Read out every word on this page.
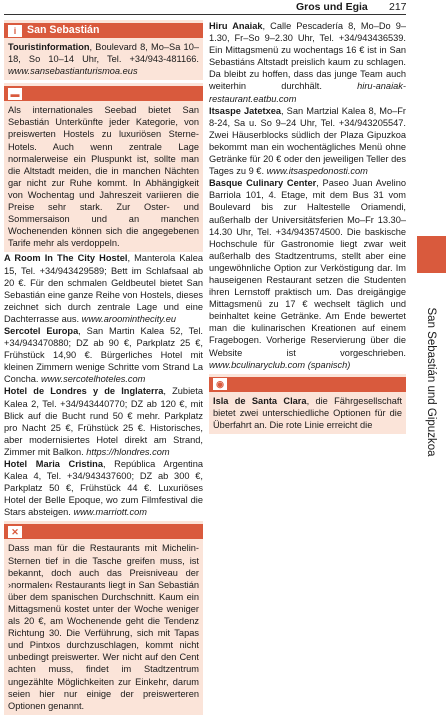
Gros und Egia 217
San Sebastián und Gipuzkoa
i	San Sebastián

Touristinformation, Boulevard 8, Mo–Sa 10–18, So 10–14 Uhr, Tel. +34/943-481166. www.sansebastianturismoa.eus

▬

Als internationales Seebad bietet San Sebastián Unterkünfte jeder Kategorie, von preiswerten Hostels zu luxuriösen Sterne-Hotels. Auch wenn zentrale Lage normalerweise ein Pluspunkt ist, sollte man die Altstadt meiden, die in manchen Nächten gar nicht zur Ruhe kommt. In Abhängigkeit von Wochentag und Jahreszeit variieren die Preise sehr stark. Zur Oster- und Sommersaison und an manchen Wochenenden können sich die angegebenen Tarife mehr als verdoppeln.

A Room In The City Hostel, Manterola Kalea 15, Tel. +34/943429589; Bett im Schlafsaal ab 20 €. Für den schmalen Geldbeutel bietet San Sebastián eine ganze Reihe von Hostels, dieses zeichnet sich durch zentrale Lage und eine Dachterrasse aus. www.aroominthecity.eu

Sercotel Europa, San Martin Kalea 52, Tel. +34/943470880; DZ ab 90 €, Parkplatz 25 €, Frühstück 14,90 €. Bürgerliches Hotel mit kleinen Zimmern wenige Schritte vom Strand La Concha. www.sercotelhoteles.com

Hotel de Londres y de Inglaterra, Zubieta Kalea 2, Tel. +34/943440770; DZ ab 120 €, mit Blick auf die Bucht rund 50 € mehr. Parkplatz pro Nacht 25 €, Frühstück 25 €. Historisches, aber modernisiertes Hotel direkt am Strand, Zimmer mit Balkon. https://hlondres.com

Hotel Maria Cristina, República Argentina Kalea 4, Tel. +34/943437600; DZ ab 300 €, Parkplatz 50 €, Frühstück 44 €. Luxuriöses Hotel der Belle Epoque, wo zum Filmfestival die Stars absteigen. www.marriott.com

✕

Dass man für die Restaurants mit Michelin-Sternen tief in die Tasche greifen muss, ist bekannt, doch auch das Preisniveau der ›normalen‹ Restaurants liegt in San Sebastián über dem spanischen Durchschnitt. Kaum ein Mittagsmenü kostet unter der Woche weniger als 20 €, am Wochenende geht die Tendenz Richtung 30. Die Verführung, sich mit Tapas und Pintxos durchzuschlagen, kommt nicht unbedingt preiswerter. Wer nicht auf den Cent achten muss, findet im Stadtzentrum ungezählte Möglichkeiten zur Einkehr, darum seien hier nur einige der preiswerteren Optionen genannt.

Hiru Anaiak, Calle Pescadería 8, Mo–Do 9–1.30, Fr–So 9–2.30 Uhr, Tel. +34/943436539. Ein Mittagsmenü zu wochentags 16 € ist in San Sebastiáns Altstadt preislich kaum zu schlagen. Da bleibt zu hoffen, dass das junge Team auch weiterhin durchhält.	hiru-anaiak-restaurant.eatbu.com

Itsaspe Jatetxea, San Martzial Kalea 8, Mo–Fr 8-24, Sa u. So 9–24 Uhr, Tel. +34/943205547. Zwei Häuserblocks südlich der Plaza Gipuzkoa bekommt man ein wochentägliches Menü ohne Getränke für 20 € oder den jeweiligen Teller des Tages zu 9 €. www.itsaspedonosti.com

Basque Culinary Center, Paseo Juan Avelino Barriola 101, 4. Etage, mit dem Bus 31 vom Boulevard bis zur Haltestelle Oriamendi, außerhalb der Universitätsferien Mo–Fr 13.30–14.30 Uhr, Tel. +34/943574500. Die baskische Hochschule für Gastronomie liegt zwar weit außerhalb des Stadtzentrums, stellt aber eine ungewöhnliche Option zur Verköstigung dar. Im hauseigenen Restaurant setzen die Studenten ihren Lernstoff praktisch um. Das dreigängige Mittagsmenü zu 17 € wechselt täglich und beinhaltet keine Getränke. Am Ende bewertet man die kulinarischen Kreationen auf einem Fragebogen. Vorherige Reservierung über die Website ist vorgeschrieben. www.bculinaryclub.com (spanisch)

◉

Isla de Santa Clara, die Fährgesellschaft bietet zwei unterschiedliche Optionen für die Überfahrt an. Die rote Linie erreicht die
